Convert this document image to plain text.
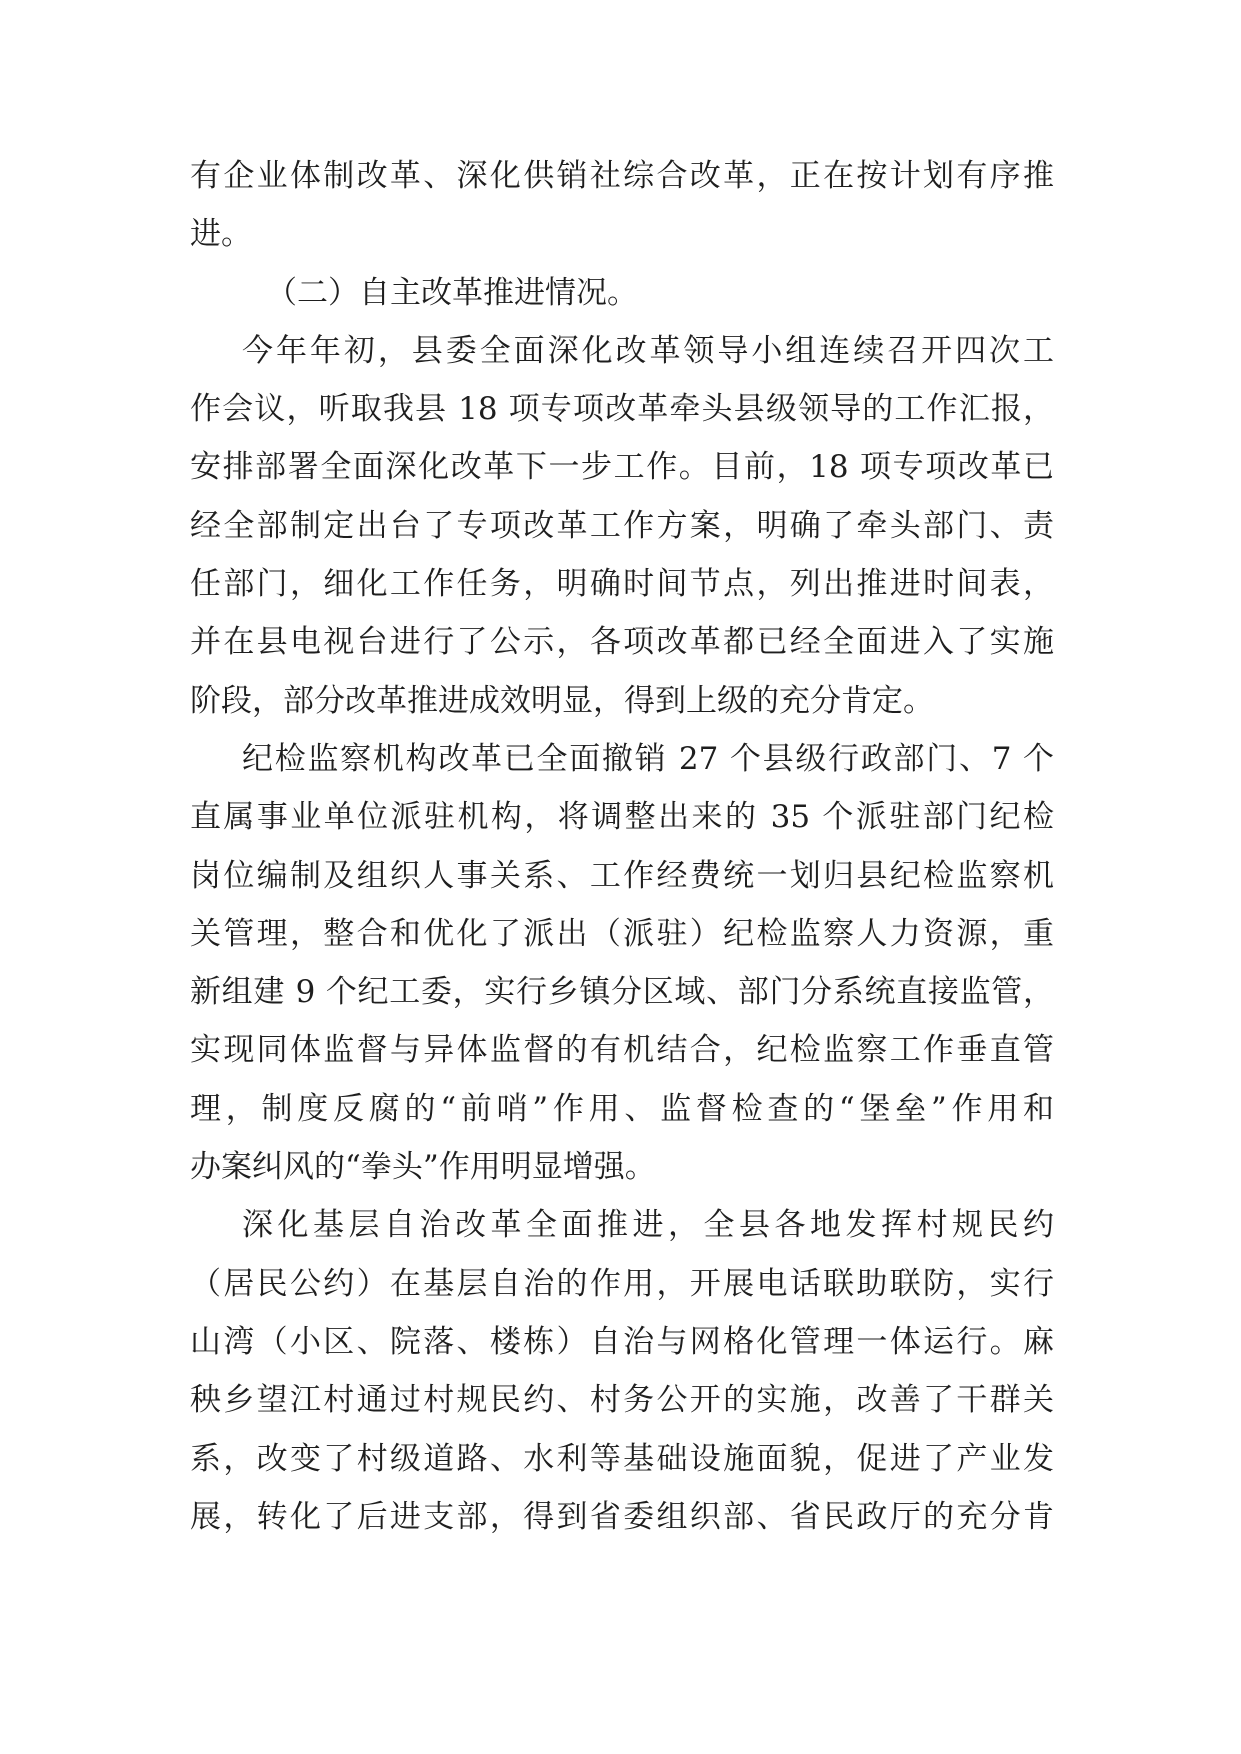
有企业体制改革、深化供销社综合改革，正在按计划有序推
进。
（二）自主改革推进情况。
今年年初，县委全面深化改革领导小组连续召开四次工
作会议，听取我县 18 项专项改革牵头县级领导的工作汇报，
安排部署全面深化改革下一步工作。目前，18 项专项改革已
经全部制定出台了专项改革工作方案，明确了牵头部门、责
任部门，细化工作任务，明确时间节点，列出推进时间表，
并在县电视台进行了公示，各项改革都已经全面进入了实施
阶段，部分改革推进成效明显，得到上级的充分肯定。
纪检监察机构改革已全面撤销 27 个县级行政部门、7 个
直属事业单位派驻机构，将调整出来的 35 个派驻部门纪检
岗位编制及组织人事关系、工作经费统一划归县纪检监察机
关管理，整合和优化了派出（派驻）纪检监察人力资源，重
新组建 9 个纪工委，实行乡镇分区域、部门分系统直接监管，
实现同体监督与异体监督的有机结合，纪检监察工作垂直管
理，制度反腐的“前哨”作用、监督检查的“堡垒”作用和
办案纠风的“拳头”作用明显增强。
深化基层自治改革全面推进，全县各地发挥村规民约
（居民公约）在基层自治的作用，开展电话联助联防，实行
山湾（小区、院落、楼栋）自治与网格化管理一体运行。麻
秧乡望江村通过村规民约、村务公开的实施，改善了干群关
系，改变了村级道路、水利等基础设施面貌，促进了产业发
展，转化了后进支部，得到省委组织部、省民政厅的充分肯
